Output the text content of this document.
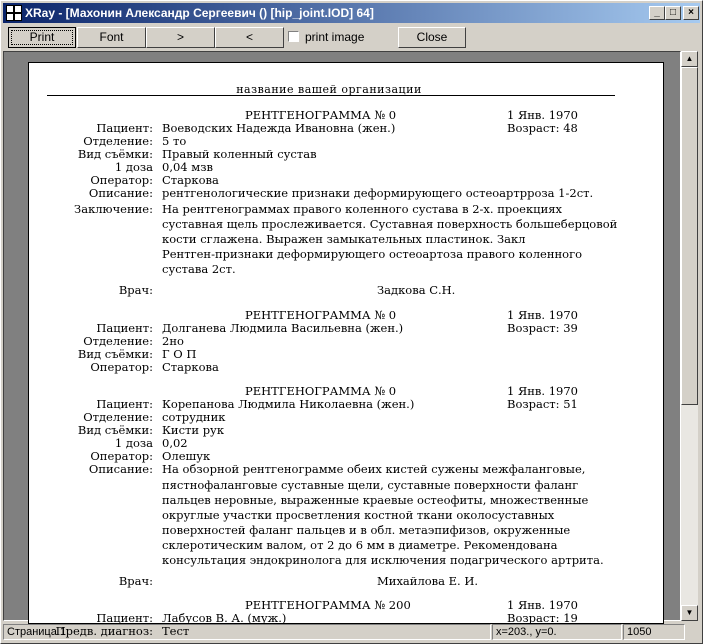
XRay - [Махонин Александр Сергеевич () [hip_joint.IOD] 64]	_	□	×
Print	Font	>	<	print image	Close
название вашей организации
РЕНТГЕНОГРАММА № 0	1 Янв. 1970
Пациент: Воеводских Надежда Ивановна (жен.)	Возраст: 48
Отделение: 5 то
Вид съёмки: Правый коленный сустав
1 доза 0,04 мзв
Оператор: Старкова
Описание: рентгенологические признаки деформирующего остеоартрроза 1-2ст.
Заключение: На рентгенограммах правого коленного сустава в 2-х. проекциях
суставная щель прослеживается. Суставная поверхность большеберцовой
кости сглажена. Выражен замыкательных пластинок. Закл
Рентген-признаки деформирующего остеоартоза правого коленного
сустава 2ст.
Врач:	Задкова С.Н.
РЕНТГЕНОГРАММА № 0	1 Янв. 1970
Пациент: Долганева Людмила Васильевна (жен.)	Возраст: 39
Отделение: 2но
Вид съёмки: Г О П
Оператор: Старкова
РЕНТГЕНОГРАММА № 0	1 Янв. 1970
Пациент: Корепанова Людмила Николаевна (жен.)	Возраст: 51
Отделение: сотрудник
Вид съёмки: Кисти рук
1 доза 0,02
Оператор: Олешук
Описание: На обзорной рентгенограмме обеих кистей сужены межфаланговые,
пястнофаланговые суставные щели, суставные поверхности фаланг
пальцев неровные, выраженные краевые остеофиты, множественные
округлые участки просветления костной ткани околосуставных
поверхностей фаланг пальцев и в обл. метаэпифизов, окруженные
склеротическим валом, от 2 до 6 мм в диаметре. Рекомендована
консультация эндокринолога для исключения подагрического артрита.
Врач:	Михайлова Е. И.
РЕНТГЕНОГРАММА № 200	1 Янв. 1970
Пациент: Лабусов В. А. (муж.)	Возраст: 19
Предв. диагноз: Тест
▲
▼
Страница 1	x=203., y=0.	1050
